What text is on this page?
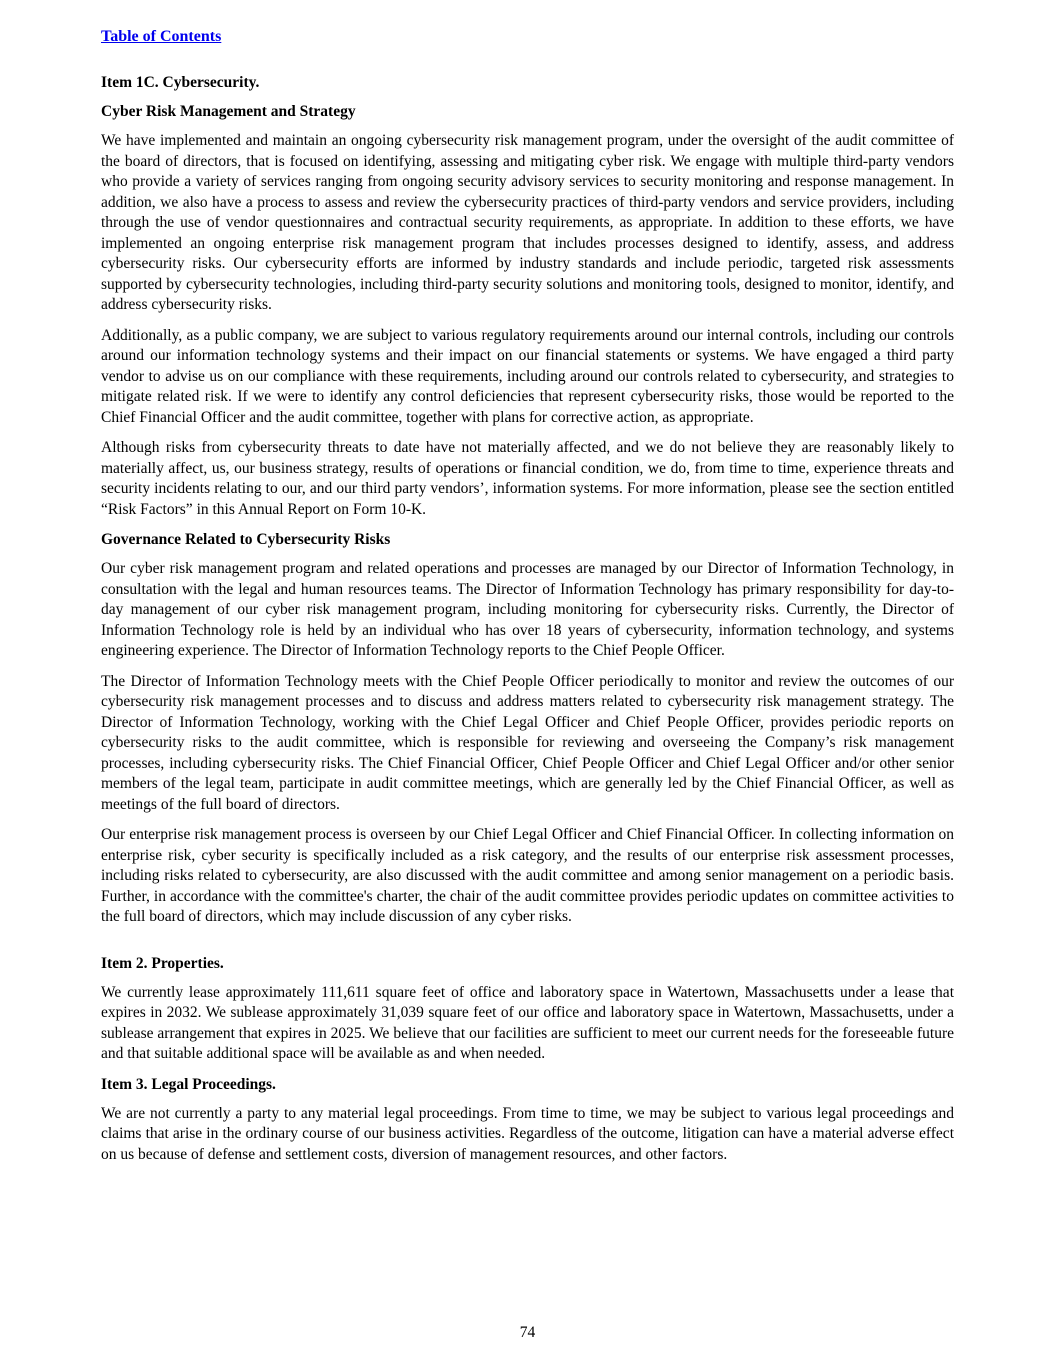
Table of Contents
Item 1C. Cybersecurity.
Cyber Risk Management and Strategy

We have implemented and maintain an ongoing cybersecurity risk management program, under the oversight of the audit committee of the board of directors, that is focused on identifying, assessing and mitigating cyber risk. We engage with multiple third-party vendors who provide a variety of services ranging from ongoing security advisory services to security monitoring and response management. In addition, we also have a process to assess and review the cybersecurity practices of third-party vendors and service providers, including through the use of vendor questionnaires and contractual security requirements, as appropriate. In addition to these efforts, we have implemented an ongoing enterprise risk management program that includes processes designed to identify, assess, and address cybersecurity risks. Our cybersecurity efforts are informed by industry standards and include periodic, targeted risk assessments supported by cybersecurity technologies, including third-party security solutions and monitoring tools, designed to monitor, identify, and address cybersecurity risks.

Additionally, as a public company, we are subject to various regulatory requirements around our internal controls, including our controls around our information technology systems and their impact on our financial statements or systems. We have engaged a third party vendor to advise us on our compliance with these requirements, including around our controls related to cybersecurity, and strategies to mitigate related risk. If we were to identify any control deficiencies that represent cybersecurity risks, those would be reported to the Chief Financial Officer and the audit committee, together with plans for corrective action, as appropriate.

Although risks from cybersecurity threats to date have not materially affected, and we do not believe they are reasonably likely to materially affect, us, our business strategy, results of operations or financial condition, we do, from time to time, experience threats and security incidents relating to our, and our third party vendors’, information systems. For more information, please see the section entitled “Risk Factors” in this Annual Report on Form 10-K.

Governance Related to Cybersecurity Risks

Our cyber risk management program and related operations and processes are managed by our Director of Information Technology, in consultation with the legal and human resources teams. The Director of Information Technology has primary responsibility for day-to-day management of our cyber risk management program, including monitoring for cybersecurity risks. Currently, the Director of Information Technology role is held by an individual who has over 18 years of cybersecurity, information technology, and systems engineering experience. The Director of Information Technology reports to the Chief People Officer.

The Director of Information Technology meets with the Chief People Officer periodically to monitor and review the outcomes of our cybersecurity risk management processes and to discuss and address matters related to cybersecurity risk management strategy. The Director of Information Technology, working with the Chief Legal Officer and Chief People Officer, provides periodic reports on cybersecurity risks to the audit committee, which is responsible for reviewing and overseeing the Company’s risk management processes, including cybersecurity risks. The Chief Financial Officer, Chief People Officer and Chief Legal Officer and/or other senior members of the legal team, participate in audit committee meetings, which are generally led by the Chief Financial Officer, as well as meetings of the full board of directors.

Our enterprise risk management process is overseen by our Chief Legal Officer and Chief Financial Officer. In collecting information on enterprise risk, cyber security is specifically included as a risk category, and the results of our enterprise risk assessment processes, including risks related to cybersecurity, are also discussed with the audit committee and among senior management on a periodic basis. Further, in accordance with the committee's charter, the chair of the audit committee provides periodic updates on committee activities to the full board of directors, which may include discussion of any cyber risks.

Item 2. Properties.

We currently lease approximately 111,611 square feet of office and laboratory space in Watertown, Massachusetts under a lease that expires in 2032. We sublease approximately 31,039 square feet of our office and laboratory space in Watertown, Massachusetts, under a sublease arrangement that expires in 2025. We believe that our facilities are sufficient to meet our current needs for the foreseeable future and that suitable additional space will be available as and when needed.

Item 3. Legal Proceedings.

We are not currently a party to any material legal proceedings. From time to time, we may be subject to various legal proceedings and claims that arise in the ordinary course of our business activities. Regardless of the outcome, litigation can have a material adverse effect on us because of defense and settlement costs, diversion of management resources, and other factors.

74
